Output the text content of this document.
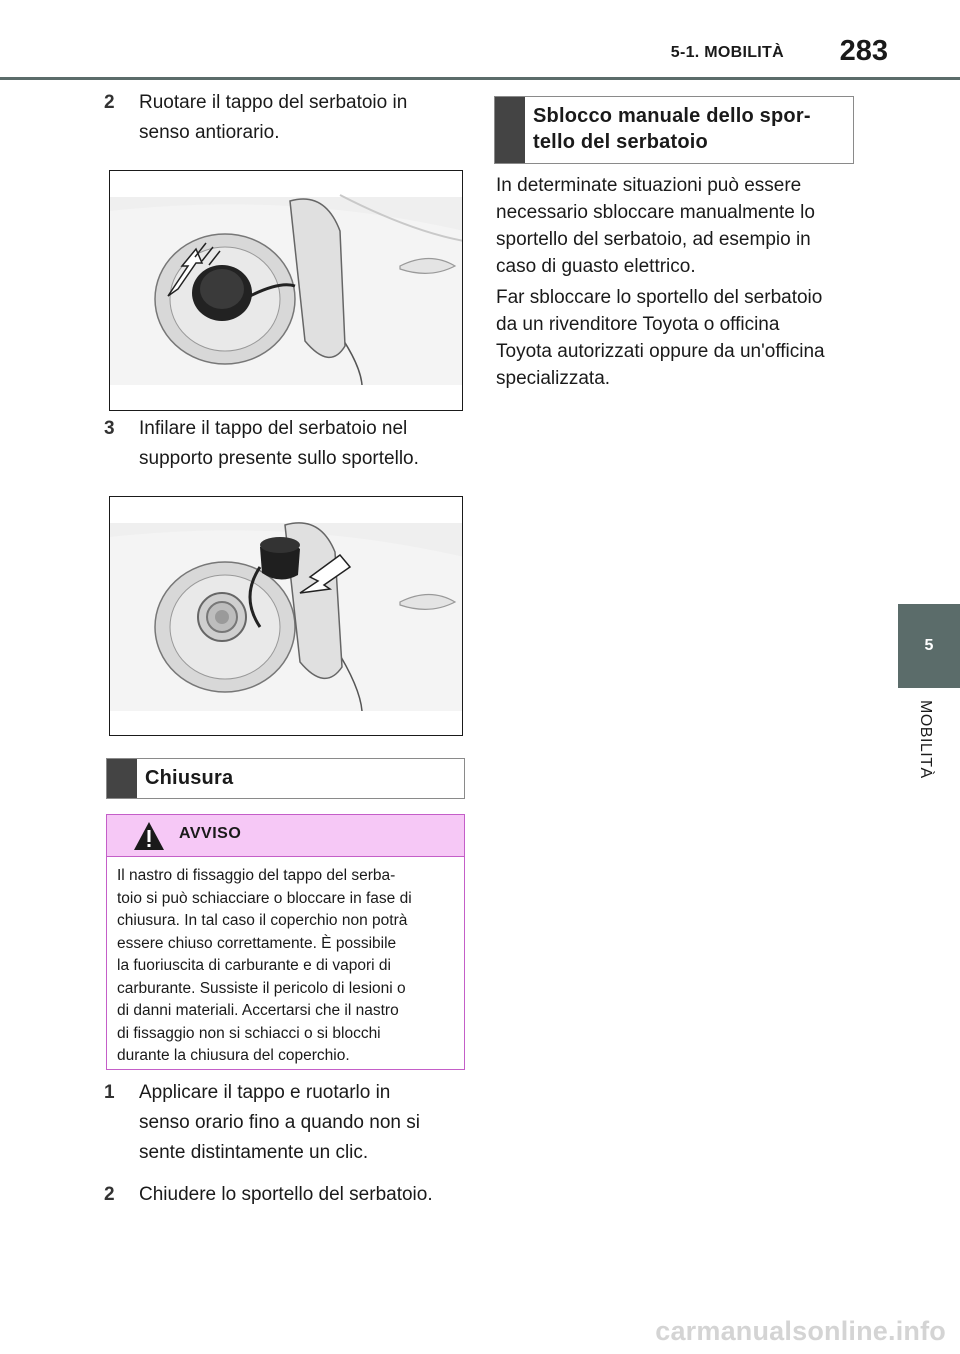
5-1. MOBILITÀ 283
5
MOBILITÀ
2 Ruotare il tappo del serbatoio in
senso antiorario.
3 Infilare il tappo del serbatoio nel
supporto presente sullo sportello.
Chiusura
AVVISO
Il nastro di fissaggio del tappo del serba-
toio si può schiacciare o bloccare in fase di
chiusura. In tal caso il coperchio non potrà
essere chiuso correttamente. È possibile
la fuoriuscita di carburante e di vapori di
carburante. Sussiste il pericolo di lesioni o
di danni materiali. Accertarsi che il nastro
di fissaggio non si schiacci o si blocchi
durante la chiusura del coperchio.
1 Applicare il tappo e ruotarlo in
senso orario fino a quando non si
sente distintamente un clic.
2 Chiudere lo sportello del serbatoio.
Sblocco manuale dello spor-
tello del serbatoio
In determinate situazioni può essere
necessario sbloccare manualmente lo
sportello del serbatoio, ad esempio in
caso di guasto elettrico.
Far sbloccare lo sportello del serbatoio
da un rivenditore Toyota o officina
Toyota autorizzati oppure da un'officina
specializzata.
carmanualsonline.info
